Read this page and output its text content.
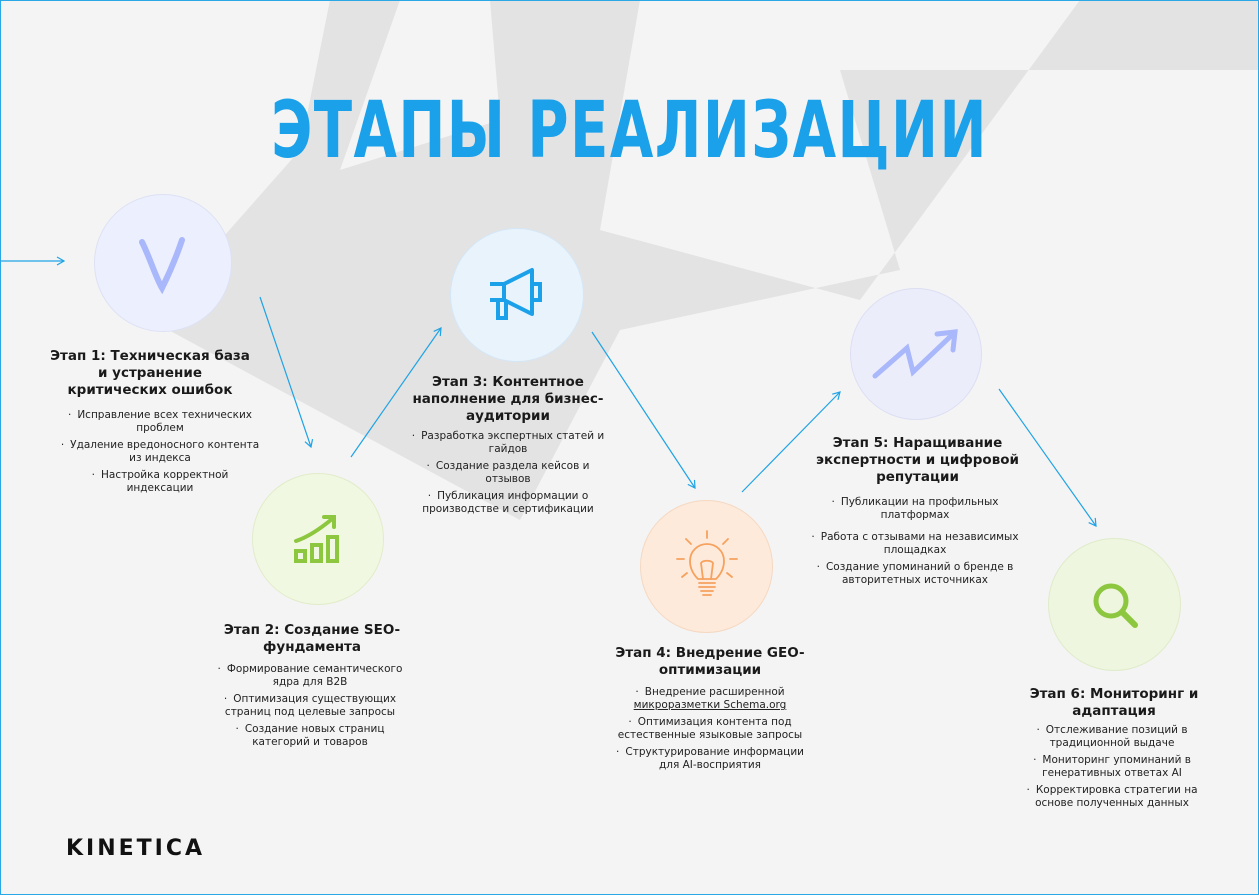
ЭТАПЫ РЕАЛИЗАЦИИ
Этап 1: Техническая база
и устранение
критических ошибок
· Исправление всех технических
проблем
· Удаление вредоносного контента
из индекса
· Настройка корректной
индексации
Этап 2: Создание SEO-
фундамента
· Формирование семантического
ядра для B2B
· Оптимизация существующих
страниц под целевые запросы
· Создание новых страниц
категорий и товаров
Этап 3: Контентное
наполнение для бизнес-
аудитории
· Разработка экспертных статей и
гайдов
· Создание раздела кейсов и
отзывов
· Публикация информации о
производстве и сертификации
Этап 4: Внедрение GEO-
оптимизации
· Внедрение расширенной
микроразметки Schema.org
· Оптимизация контента под
естественные языковые запросы
· Структурирование информации
для AI-восприятия
Этап 5: Наращивание
экспертности и цифровой
репутации
· Публикации на профильных
платформах
· Работа с отзывами на независимых
площадках
· Создание упоминаний о бренде в
авторитетных источниках
Этап 6: Мониторинг и
адаптация
· Отслеживание позиций в
традиционной выдаче
· Мониторинг упоминаний в
генеративных ответах AI
· Корректировка стратегии на
основе полученных данных
KINETICA
